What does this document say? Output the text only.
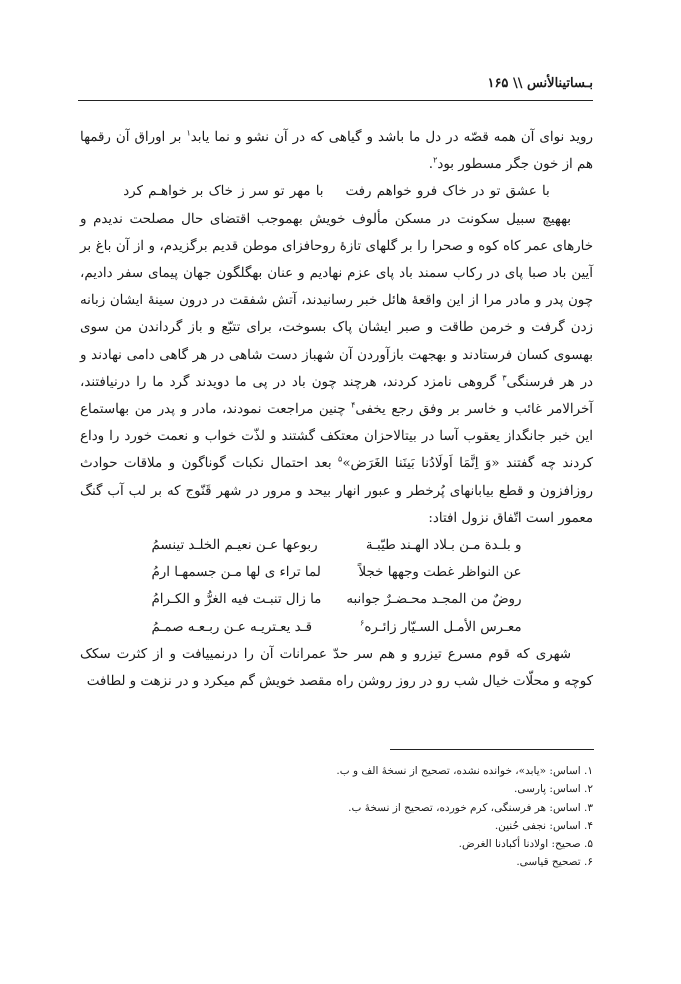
بـساتینالأنس \\ ۱۶۵

روید نوای آن همه قصّه در دل ما باشد و گیاهی که در آن نشو و نما یابد$^۱$ بر اوراق آن رقمها هم از خون جگر مسطور بود$^۲$.

با عشق تو در خاک فرو خواهم رفتبا مهر تو سر ز خاک بر خواهـم کرد

بههیچ سبیل سکونت در مسکن مألوف خویش بهموجب اقتضای حال مصلحت ندیدم و خارهای عمر کاه کوه و صحرا را بر گلهای تازهٔ روحافزای موطن قدیم برگزیدم، و از آن باغ بر آیین باد صبا پای در رکاب سمند باد پای عزم نهادیم و عنان بهگلگون جهان پیمای سفر دادیم، چون پدر و مادر مرا از این واقعهٔ هائل خبر رسانیدند، آتش شفقت در درون سینهٔ ایشان زبانه زدن گرفت و خرمن طاقت و صبر ایشان پاک بسوخت، برای تتبّع و باز گرداندن من سوی بهسوی کسان فرستادند و بهجهت بازآوردن آن شهباز دست شاهی در هر گاهی دامی نهادند و در هر فرسنگی$^۳$ گروهی نامزد کردند، هرچند چون باد در پی ما دویدند گرد ما را درنیافتند، آخرالامر غائب و خاسر بر وفق رجع یخفی$^۴$ چنین مراجعت نمودند، مادر و پدر من بهاستماع این خبر جانگداز یعقوب آسا در بیتالاحزان معتکف گشتند و لذّت خواب و نعمت خورد را وداع کردند چه گفتند «وَ اِنَّمَا اَولَادُنا بَینَنا الغَرَض»$^۵$ بعد احتمال نکبات گوناگون و ملاقات حوادث روزافزون و قطع بیابانهای پُرخطر و عبور انهار بیحد و مرور در شهر قَنّوج که بر لب آب گنگ معمور است اتّفاق نزول افتاد:

و بلـدة مـن بـلاد الهـند طیّبـة
ربوعها عـن نعیـم الخلـد تینسمُ
عن النواظر غطت وجهها خجلاً
لما تراء ی لها مـن جسمهـا ارمُ
روضٌ من المجـد محـضـرٌ جوانبه
ما زال تنبـت فیه الغرُّ و الکـرامُ
معـرس الأمـل السـیّار زائـره$^۶$
قـد یعـتریـه عـن ربـعـه صمـمُ

شهری که قوم مسرع تیزرو و هم سر حدّ عمرانات آن را درنمییافت و از کثرت سکک کوچه و محلّات خیال شب رو در روز روشن راه مقصد خویش گم میکرد و در نزهت و لطافت

۱. اساس: «یابد»، خوانده نشده، تصحیح از نسخهٔ الف و ب.
۲. اساس: پارسی.
۳. اساس: هر فرسنگی، کرم خورده، تصحیح از نسخهٔ ب.
۴. اساس: نجفی حُنین.
۵. صحیح: اولادنا أکبادنا الغرض.
۶. تصحیح قیاسی.
